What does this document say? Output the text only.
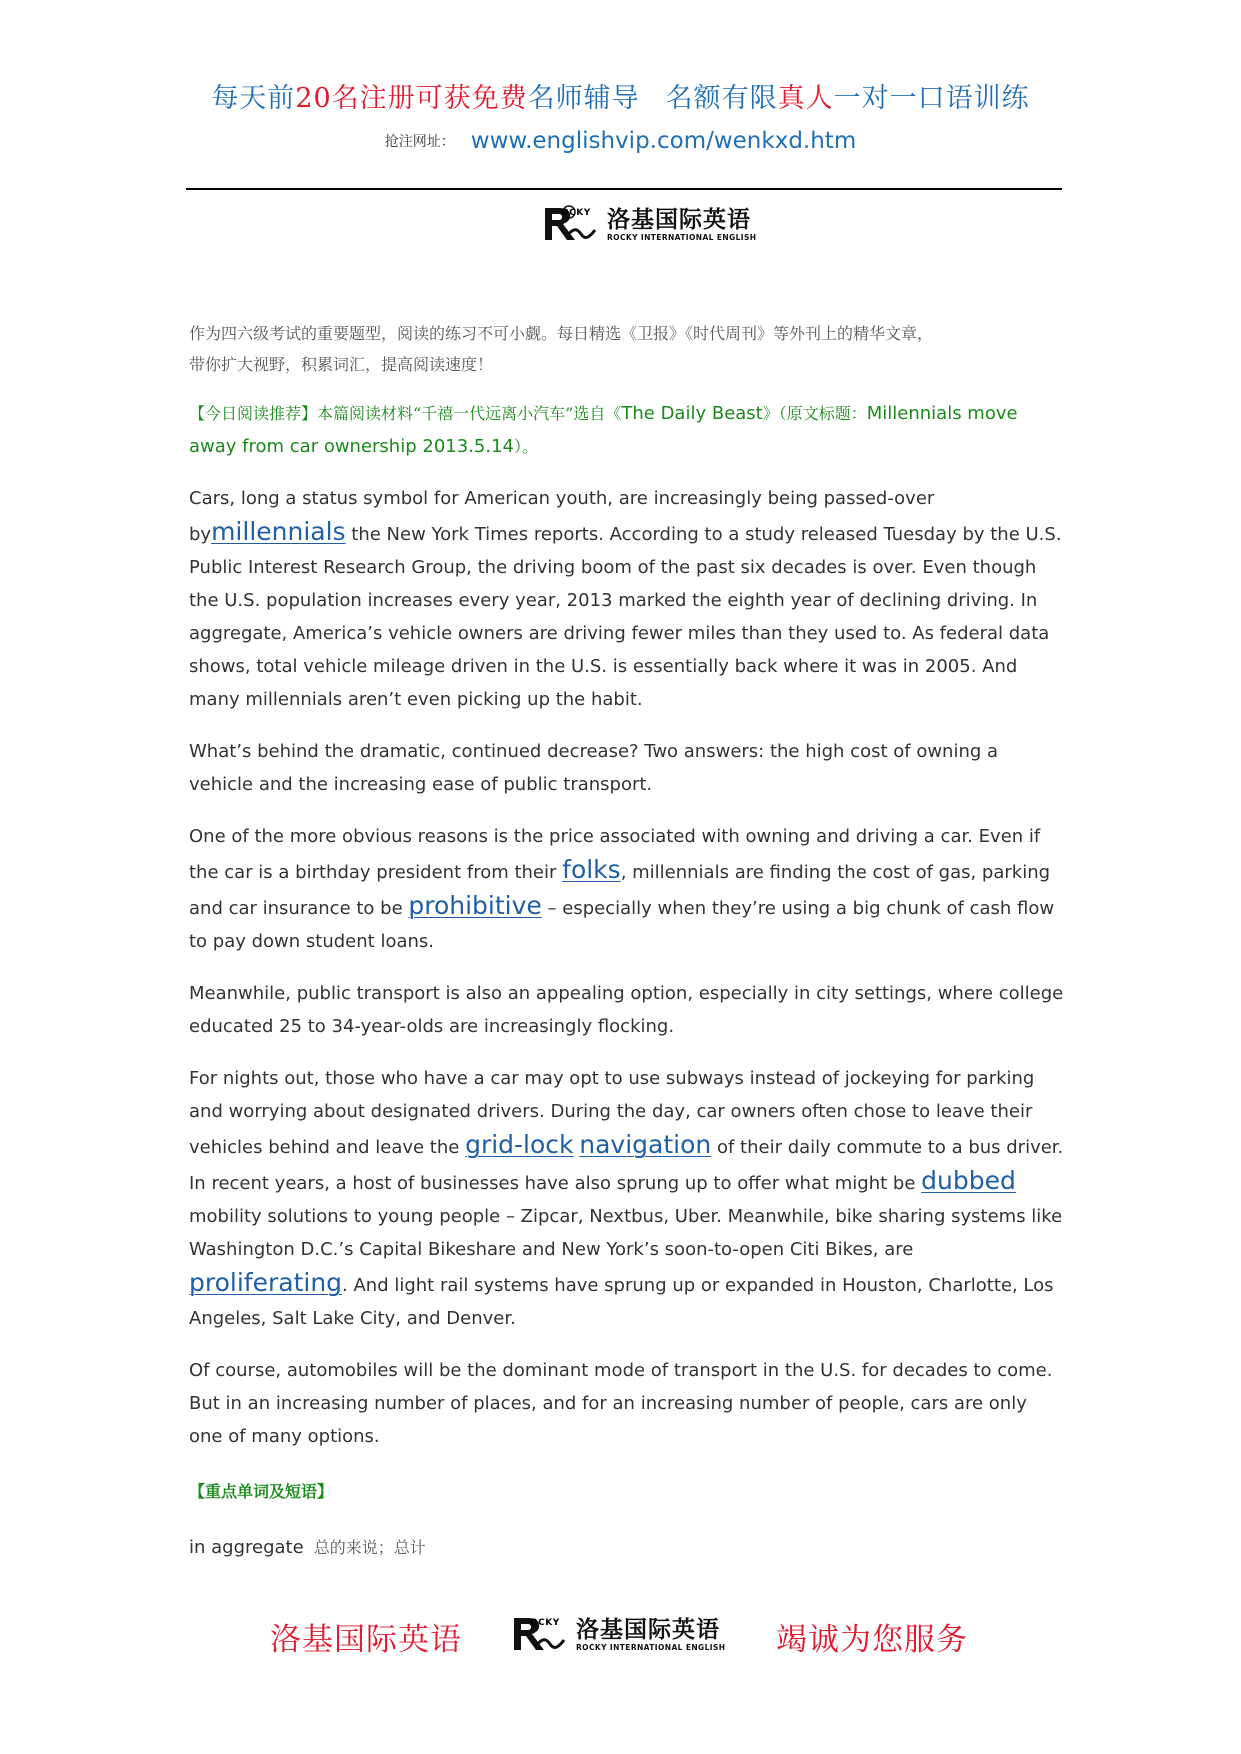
每天前20名注册可获免费名师辅导 名额有限真人一对一口语训练
抢注网址： www.englishvip.com/wenkxd.htm
OCKY 洛基国际英语
ROCKY INTERNATIONAL ENGLISH

作为四六级考试的重要题型，阅读的练习不可小觑。每日精选《卫报》《时代周刊》等外刊上的精华文章，
带你扩大视野，积累词汇，提高阅读速度！

【今日阅读推荐】本篇阅读材料“千禧一代远离小汽车”选自《The Daily Beast》（原文标题：Millennials move away from car ownership 2013.5.14）。

Cars, long a status symbol for American youth, are increasingly being passed-over bymillennials the New York Times reports. According to a study released Tuesday by the U.S. Public Interest Research Group, the driving boom of the past six decades is over. Even though the U.S. population increases every year, 2013 marked the eighth year of declining driving. In aggregate, America’s vehicle owners are driving fewer miles than they used to. As federal data shows, total vehicle mileage driven in the U.S. is essentially back where it was in 2005. And many millennials aren’t even picking up the habit.

What’s behind the dramatic, continued decrease? Two answers: the high cost of owning a vehicle and the increasing ease of public transport.

One of the more obvious reasons is the price associated with owning and driving a car. Even if the car is a birthday president from their folks, millennials are finding the cost of gas, parking and car insurance to be prohibitive – especially when they’re using a big chunk of cash flow to pay down student loans.

Meanwhile, public transport is also an appealing option, especially in city settings, where college educated 25 to 34-year-olds are increasingly flocking.

For nights out, those who have a car may opt to use subways instead of jockeying for parking and worrying about designated drivers. During the day, car owners often chose to leave their vehicles behind and leave the grid-lock navigation of their daily commute to a bus driver. In recent years, a host of businesses have also sprung up to offer what might be dubbed mobility solutions to young people – Zipcar, Nextbus, Uber. Meanwhile, bike sharing systems like Washington D.C.’s Capital Bikeshare and New York’s soon-to-open Citi Bikes, are proliferating. And light rail systems have sprung up or expanded in Houston, Charlotte, Los Angeles, Salt Lake City, and Denver.

Of course, automobiles will be the dominant mode of transport in the U.S. for decades to come. But in an increasing number of places, and for an increasing number of people, cars are only one of many options.

【重点单词及短语】

in aggregate 总的来说；总计

洛基国际英语	OCKY 洛基国际英语
ROCKY INTERNATIONAL ENGLISH 竭诚为您服务
